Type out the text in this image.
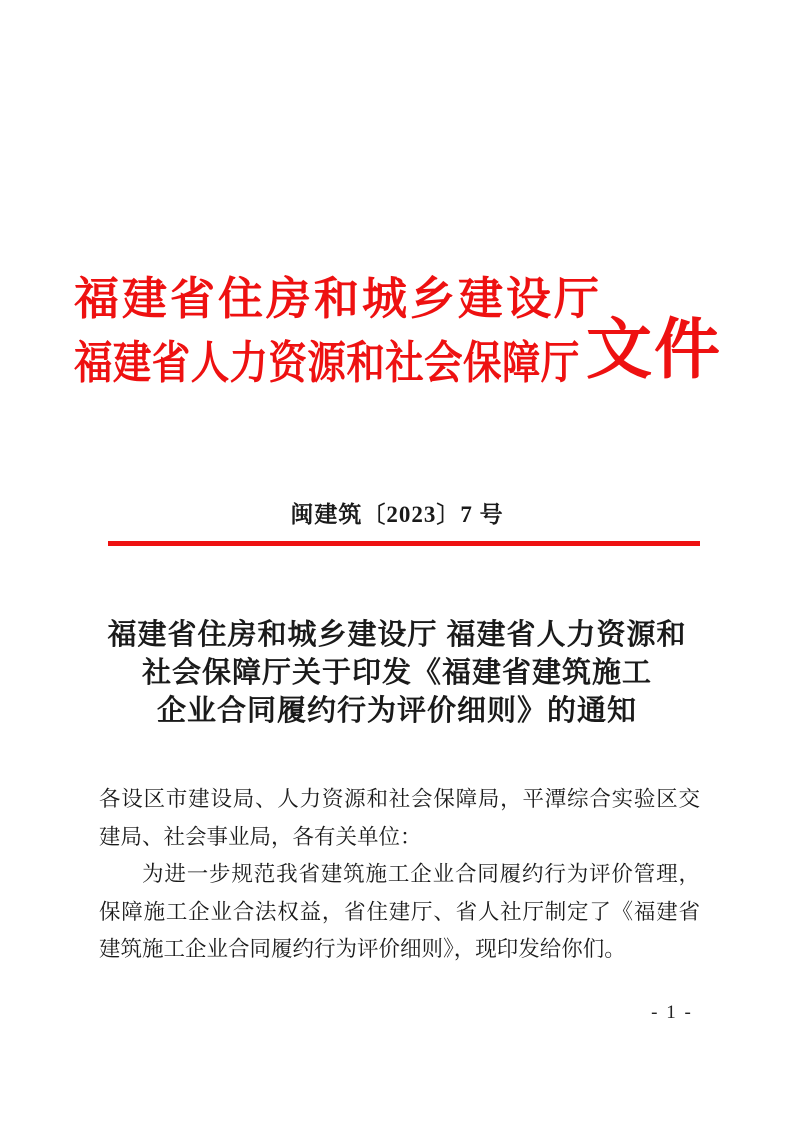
福建省住房和城乡建设厅
福建省人力资源和社会保障厅 文件
闽建筑〔2023〕7 号
福建省住房和城乡建设厅 福建省人力资源和
社会保障厅关于印发《福建省建筑施工
企业合同履约行为评价细则》的通知

各设区市建设局、人力资源和社会保障局，平潭综合实验区交建局、社会事业局，各有关单位：

为进一步规范我省建筑施工企业合同履约行为评价管理，保障施工企业合法权益，省住建厅、省人社厅制定了《福建省建筑施工企业合同履约行为评价细则》，现印发给你们。

- 1 -
